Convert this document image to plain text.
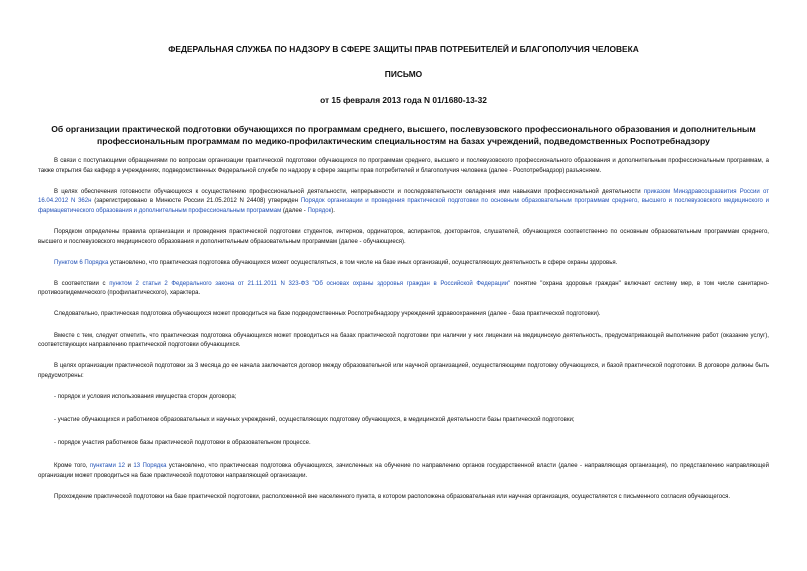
ФЕДЕРАЛЬНАЯ СЛУЖБА ПО НАДЗОРУ В СФЕРЕ ЗАЩИТЫ ПРАВ ПОТРЕБИТЕЛЕЙ И БЛАГОПОЛУЧИЯ ЧЕЛОВЕКА
ПИСЬМО
от 15 февраля 2013 года N 01/1680-13-32
Об организации практической подготовки обучающихся по программам среднего, высшего, послевузовского профессионального образования и дополнительным профессиональным программам по медико-профилактическим специальностям на базах учреждений, подведомственных Роспотребнадзору

В связи с поступающими обращениями по вопросам организации практической подготовки обучающихся по программам среднего, высшего и послевузовского профессионального образования и дополнительным профессиональным программам, а также открытия баз кафедр в учреждениях, подведомственных Федеральной службе по надзору в сфере защиты прав потребителей и благополучия человека (далее - Роспотребнадзор) разъясняем.

В целях обеспечения готовности обучающихся к осуществлению профессиональной деятельности, непрерывности и последовательности овладения ими навыками профессиональной деятельности приказом Минздравсоцразвития России от 16.04.2012 N 362н (зарегистрировано в Минюсте России 21.05.2012 N 24408) утвержден Порядок организации и проведения практической подготовки по основным образовательным программам среднего, высшего и послевузовского медицинского и фармацевтического образования и дополнительным профессиональным программам (далее - Порядок).

Порядком определены правила организации и проведения практической подготовки студентов, интернов, ординаторов, аспирантов, докторантов, слушателей, обучающихся соответственно по основным образовательным программам среднего, высшего и послевузовского медицинского образования и дополнительным образовательным программам (далее - обучающиеся).

Пунктом 6 Порядка установлено, что практическая подготовка обучающихся может осуществляться, в том числе на базе иных организаций, осуществляющих деятельность в сфере охраны здоровья.

В соответствии с пунктом 2 статьи 2 Федерального закона от 21.11.2011 N 323-ФЗ "Об основах охраны здоровья граждан в Российской Федерации" понятие "охрана здоровья граждан" включает систему мер, в том числе санитарно-противоэпидемического (профилактического), характера.

Следовательно, практическая подготовка обучающихся может проводиться на базе подведомственных Роспотребнадзору учреждений здравоохранения (далее - база практической подготовки).

Вместе с тем, следует отметить, что практическая подготовка обучающихся может проводиться на базах практической подготовки при наличии у них лицензии на медицинскую деятельность, предусматривающей выполнение работ (оказание услуг), соответствующих направлению практической подготовки обучающихся.

В целях организации практической подготовки за 3 месяца до ее начала заключается договор между образовательной или научной организацией, осуществляющими подготовку обучающихся, и базой практической подготовки. В договоре должны быть предусмотрены:

- порядок и условия использования имущества сторон договора;

- участие обучающихся и работников образовательных и научных учреждений, осуществляющих подготовку обучающихся, в медицинской деятельности базы практической подготовки;

- порядок участия работников базы практической подготовки в образовательном процессе.

Кроме того, пунктами 12 и 13 Порядка установлено, что практическая подготовка обучающихся, зачисленных на обучение по направлению органов государственной власти (далее - направляющая организация), по представлению направляющей организации может проводиться на базе практической подготовки направляющей организации.

Прохождение практической подготовки на базе практической подготовки, расположенной вне населенного пункта, в котором расположена образовательная или научная организация, осуществляется с письменного согласия обучающегося.
